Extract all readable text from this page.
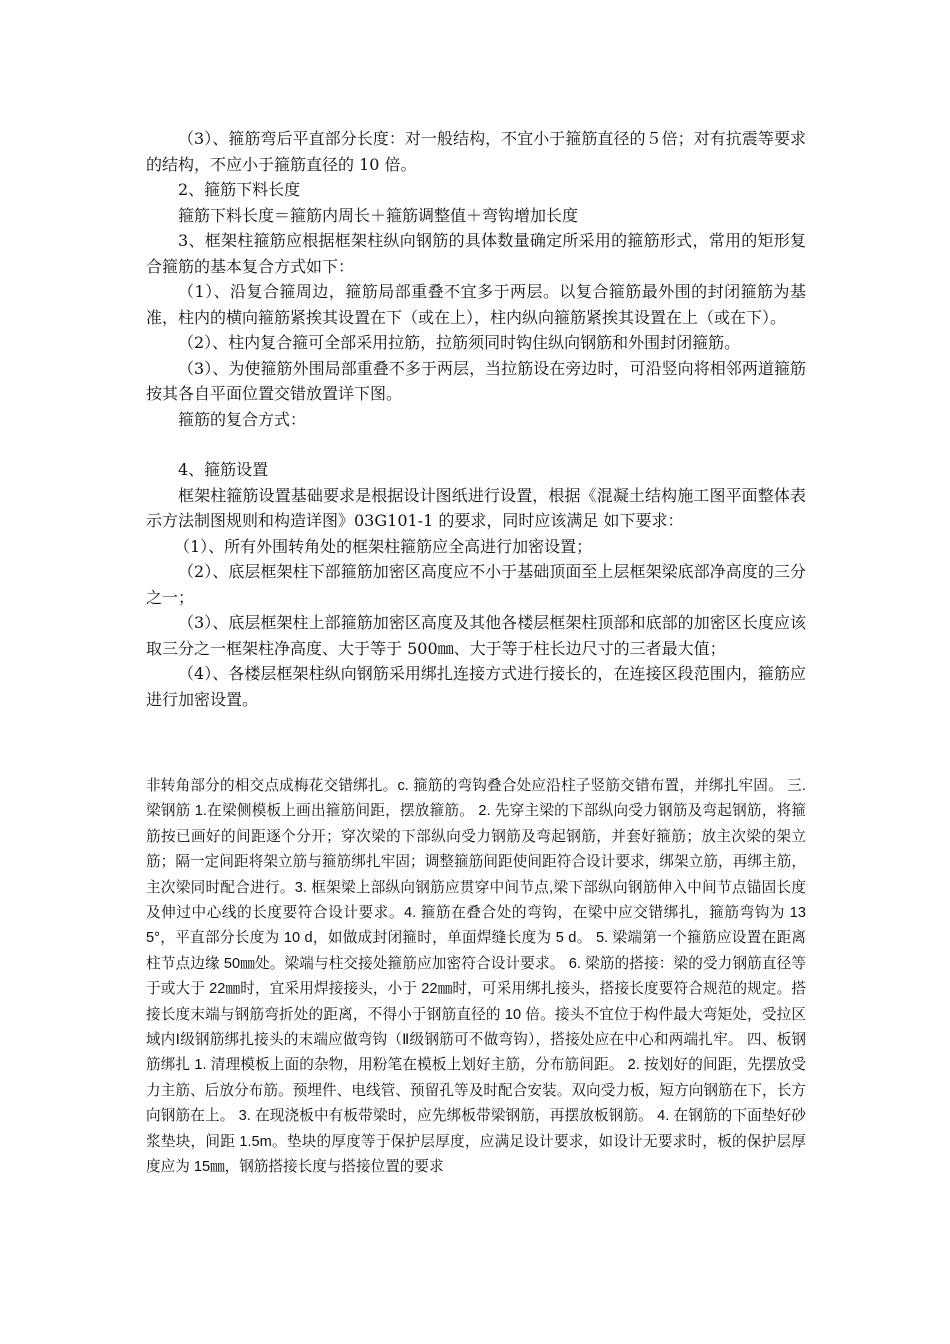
（3）、箍筋弯后平直部分长度：对一般结构，不宜小于箍筋直径的５倍；对有抗震等要求的结构，不应小于箍筋直径的 10 倍。

2、箍筋下料长度

箍筋下料长度＝箍筋内周长＋箍筋调整值＋弯钩增加长度

3、框架柱箍筋应根据框架柱纵向钢筋的具体数量确定所采用的箍筋形式，常用的矩形复合箍筋的基本复合方式如下：

（1）、沿复合箍周边，箍筋局部重叠不宜多于两层。以复合箍筋最外围的封闭箍筋为基准，柱内的横向箍筋紧挨其设置在下（或在上），柱内纵向箍筋紧挨其设置在上（或在下）。

（2）、柱内复合箍可全部采用拉筋，拉筋须同时钩住纵向钢筋和外围封闭箍筋。

（3）、为使箍筋外围局部重叠不多于两层，当拉筋设在旁边时，可沿竖向将相邻两道箍筋按其各自平面位置交错放置详下图。

箍筋的复合方式：

4、箍筋设置

框架柱箍筋设置基础要求是根据设计图纸进行设置，根据《混凝土结构施工图平面整体表示方法制图规则和构造详图》03G101-1 的要求，同时应该满足 如下要求：

（1）、所有外围转角处的框架柱箍筋应全高进行加密设置；

（2）、底层框架柱下部箍筋加密区高度应不小于基础顶面至上层框架梁底部净高度的三分之一；

（3）、底层框架柱上部箍筋加密区高度及其他各楼层框架柱顶部和底部的加密区长度应该取三分之一框架柱净高度、大于等于 500㎜、大于等于柱长边尺寸的三者最大值；

（4）、各楼层框架柱纵向钢筋采用绑扎连接方式进行接长的，在连接区段范围内，箍筋应进行加密设置。

非转角部分的相交点成梅花交错绑扎。c. 箍筋的弯钩叠合处应沿柱子竖筋交错布置，并绑扎牢固。 三.梁钢筋 1.在梁侧模板上画出箍筋间距，摆放箍筋。 2. 先穿主梁的下部纵向受力钢筋及弯起钢筋，将箍筋按已画好的间距逐个分开；穿次梁的下部纵向受力钢筋及弯起钢筋，并套好箍筋；放主次梁的架立筋；隔一定间距将架立筋与箍筋绑扎牢固；调整箍筋间距使间距符合设计要求，绑架立筋，再绑主筋，主次梁同时配合进行。3. 框架梁上部纵向钢筋应贯穿中间节点,梁下部纵向钢筋伸入中间节点锚固长度及伸过中心线的长度要符合设计要求。4. 箍筋在叠合处的弯钩，在梁中应交错绑扎，箍筋弯钩为 135°，平直部分长度为 10 d，如做成封闭箍时，单面焊缝长度为 5 d。 5. 梁端第一个箍筋应设置在距离柱节点边缘 50㎜处。梁端与柱交接处箍筋应加密符合设计要求。 6. 梁筋的搭接：梁的受力钢筋直径等于或大于 22㎜时，宜采用焊接接头，小于 22㎜时，可采用绑扎接头，搭接长度要符合规范的规定。搭接长度末端与钢筋弯折处的距离，不得小于钢筋直径的 10 倍。接头不宜位于构件最大弯矩处，受拉区域内Ⅰ级钢筋绑扎接头的末端应做弯钩（Ⅱ级钢筋可不做弯钩），搭接处应在中心和两端扎牢。 四、板钢筋绑扎 1. 清理模板上面的杂物，用粉笔在模板上划好主筋，分布筋间距。 2. 按划好的间距，先摆放受力主筋、后放分布筋。预埋件、电线管、预留孔等及时配合安装。双向受力板，短方向钢筋在下，长方向钢筋在上。 3. 在现浇板中有板带梁时，应先绑板带梁钢筋，再摆放板钢筋。 4. 在钢筋的下面垫好砂浆垫块，间距 1.5m。垫块的厚度等于保护层厚度，应满足设计要求，如设计无要求时，板的保护层厚度应为 15㎜，钢筋搭接长度与搭接位置的要求
